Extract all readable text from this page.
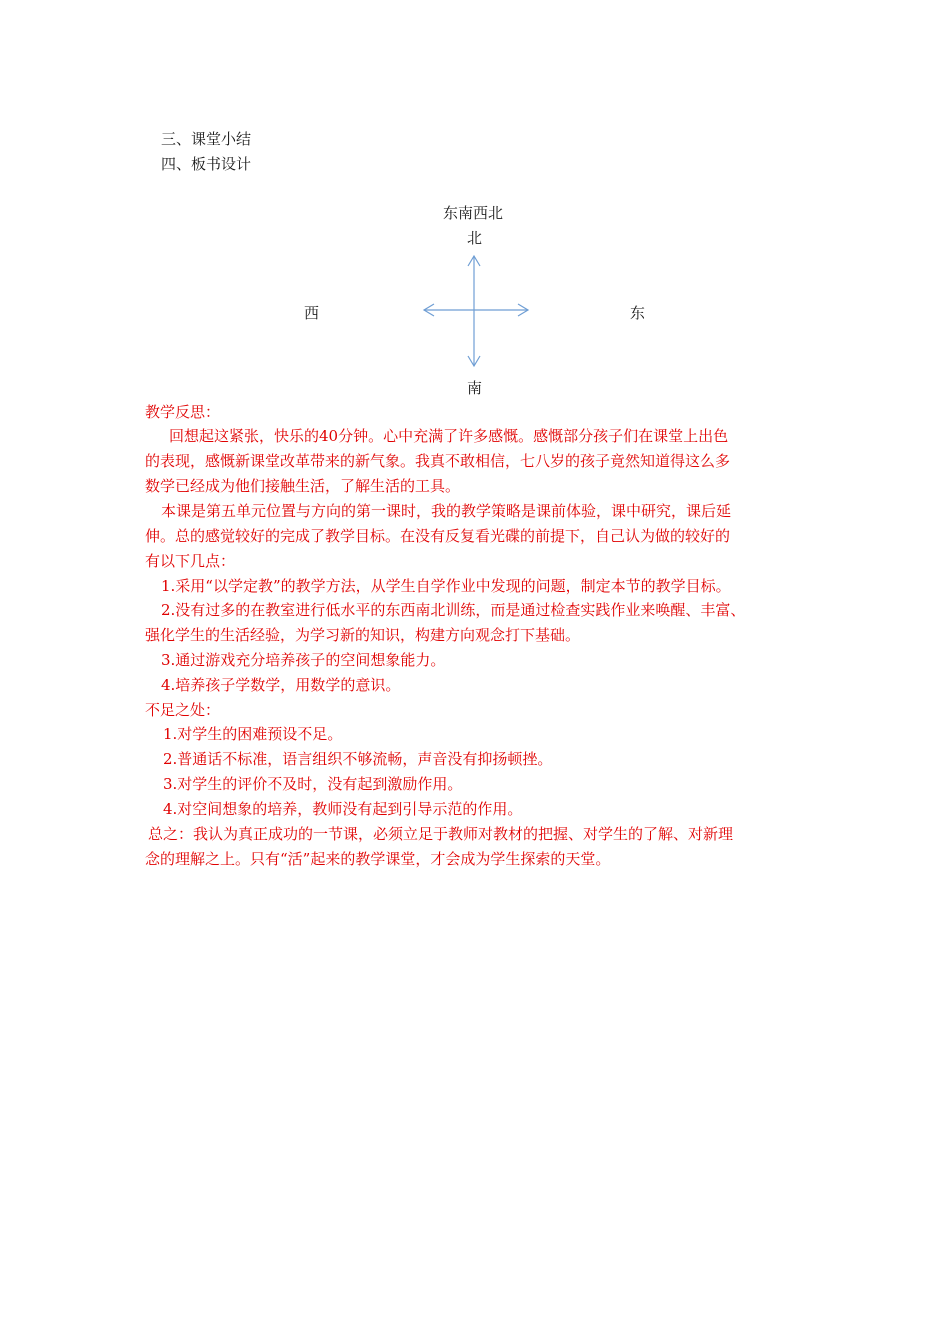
三、课堂小结
四、板书设计
东南西北
北
西	东
南
教学反思：
回想起这紧张，快乐的40分钟。心中充满了许多感慨。感慨部分孩子们在课堂上出色
的表现，感慨新课堂改革带来的新气象。我真不敢相信，七八岁的孩子竟然知道得这么多
数学已经成为他们接触生活，了解生活的工具。
本课是第五单元位置与方向的第一课时，我的教学策略是课前体验，课中研究，课后延
伸。总的感觉较好的完成了教学目标。在没有反复看光碟的前提下，自己认为做的较好的
有以下几点：
1.采用“以学定教”的教学方法，从学生自学作业中发现的问题，制定本节的教学目标。
2.没有过多的在教室进行低水平的东西南北训练，而是通过检查实践作业来唤醒、丰富、
强化学生的生活经验，为学习新的知识，构建方向观念打下基础。
3.通过游戏充分培养孩子的空间想象能力。
4.培养孩子学数学，用数学的意识。
不足之处：
1.对学生的困难预设不足。
2.普通话不标准，语言组织不够流畅，声音没有抑扬顿挫。
3.对学生的评价不及时，没有起到激励作用。
4.对空间想象的培养，教师没有起到引导示范的作用。
总之：我认为真正成功的一节课，必须立足于教师对教材的把握、对学生的了解、对新理
念的理解之上。只有“活”起来的教学课堂，才会成为学生探索的天堂。
